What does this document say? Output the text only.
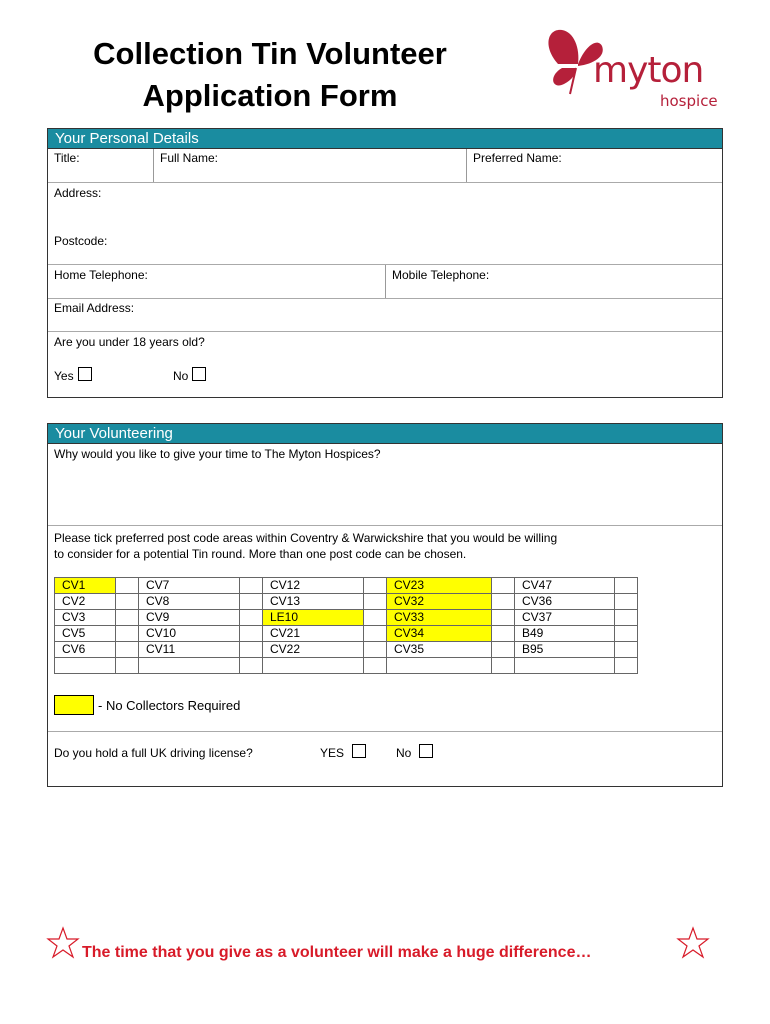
Collection Tin Volunteer
Application Form
myton
hospice
Your Personal Details
Title:	Full Name:	Preferred Name:
Address:
Postcode:
Home Telephone:	Mobile Telephone:
Email Address:
Are you under 18 years old?
Yes	No
Your Volunteering
Why would you like to give your time to The Myton Hospices?
Please tick preferred post code areas within Coventry & Warwickshire that you would be willing
to consider for a potential Tin round. More than one post code can be chosen.
CV1		CV7		CV12		CV23		CV47	
CV2		CV8		CV13		CV32		CV36	
CV3		CV9		LE10		CV33		CV37	
CV5		CV10		CV21		CV34		B49	
CV6		CV11		CV22		CV35		B95	

- No Collectors Required
Do you hold a full UK driving license?	YES	No
The time that you give as a volunteer will make a huge difference…
